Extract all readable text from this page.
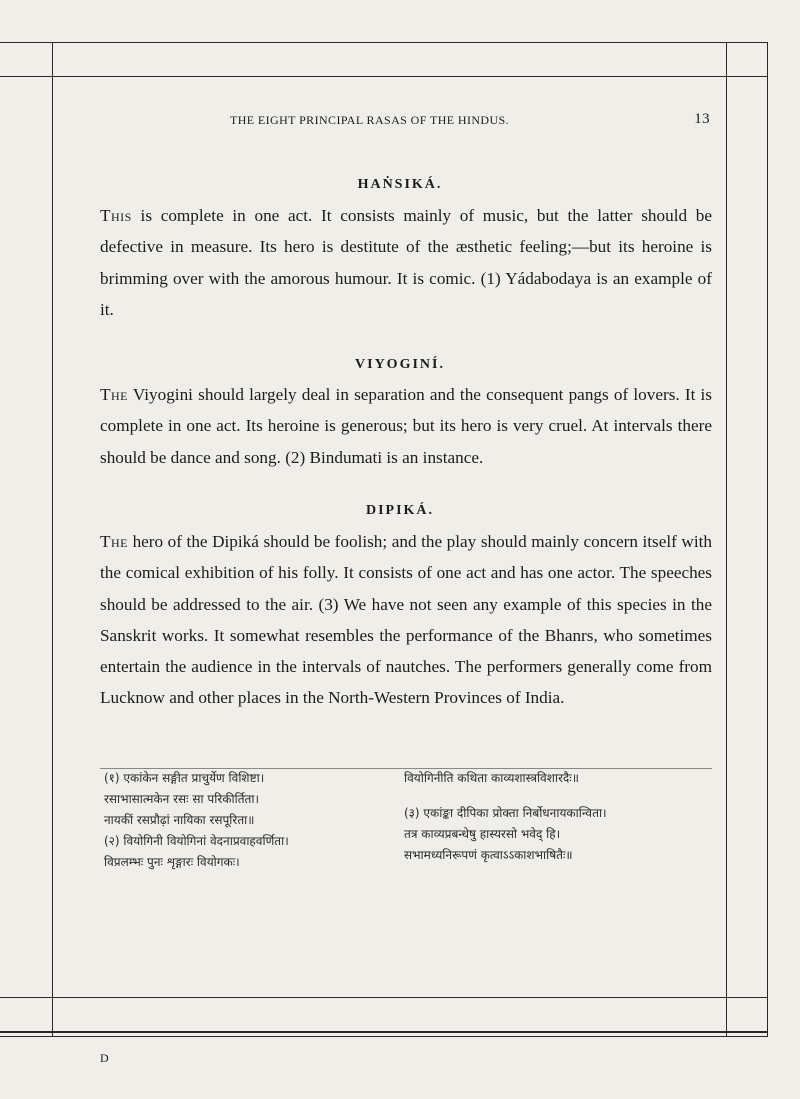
THE EIGHT PRINCIPAL RASAS OF THE HINDUS.	13
HAṄSIKÁ.
This is complete in one act. It consists mainly of music, but the latter should be defective in measure. Its hero is destitute of the æsthetic feeling;—but its heroine is brimming over with the amorous humour. It is comic. (1) Yádabodaya is an example of it.
VIYOGINÍ.
The Viyogini should largely deal in separation and the consequent pangs of lovers. It is complete in one act. Its heroine is generous; but its hero is very cruel. At intervals there should be dance and song. (2) Bindumati is an instance.
DIPIKÁ.
The hero of the Dipiká should be foolish; and the play should mainly concern itself with the comical exhibition of his folly. It consists of one act and has one actor. The speeches should be addressed to the air. (3) We have not seen any example of this species in the Sanskrit works. It somewhat resembles the performance of the Bhanrs, who sometimes entertain the audience in the intervals of nautches. The performers generally come from Lucknow and other places in the North-Western Provinces of India.
(१) एकांकेन सङ्गीत प्राचुर्येण विशिष्टा।
रसाभासात्मकेन रसः सा परिकीर्तिता।
नायकीं रसप्रौढ़ां नायिका रसपूरिता॥
(२) वियोगिनी वियोगिनां वेदनाप्रवाहवर्णिता।
विप्रलम्भः पुनः शृङ्गारः वियोगकः।
वियोगिनीति कथिता काव्यशास्त्रविशारदैः॥
(३) एकांङ्का दीपिका प्रोक्ता निर्बोधनायकान्विता।
तत्र काव्यप्रबन्धेषु हास्यरसो भवेद् हि।
सभामध्यनिरूपणं कृत्वाऽऽकाशभाषितैः॥
D
